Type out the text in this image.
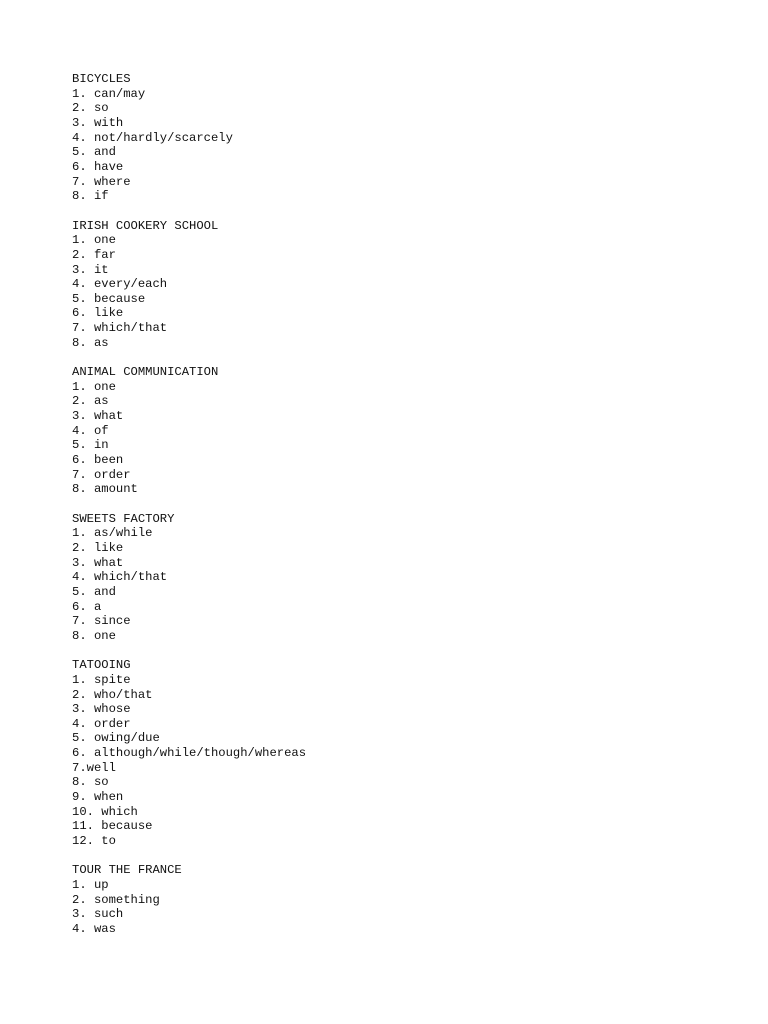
BICYCLES
1. can/may
2. so
3. with
4. not/hardly/scarcely
5. and
6. have
7. where
8. if
IRISH COOKERY SCHOOL
1. one
2. far
3. it
4. every/each
5. because
6. like
7. which/that
8. as
ANIMAL COMMUNICATION
1. one
2. as
3. what
4. of
5. in
6. been
7. order
8. amount
SWEETS FACTORY
1. as/while
2. like
3. what
4. which/that
5. and
6. a
7. since
8. one
TATOOING
1. spite
2. who/that
3. whose
4. order
5. owing/due
6. although/while/though/whereas
7.well
8. so
9. when
10. which
11. because
12. to
TOUR THE FRANCE
1. up
2. something
3. such
4. was
